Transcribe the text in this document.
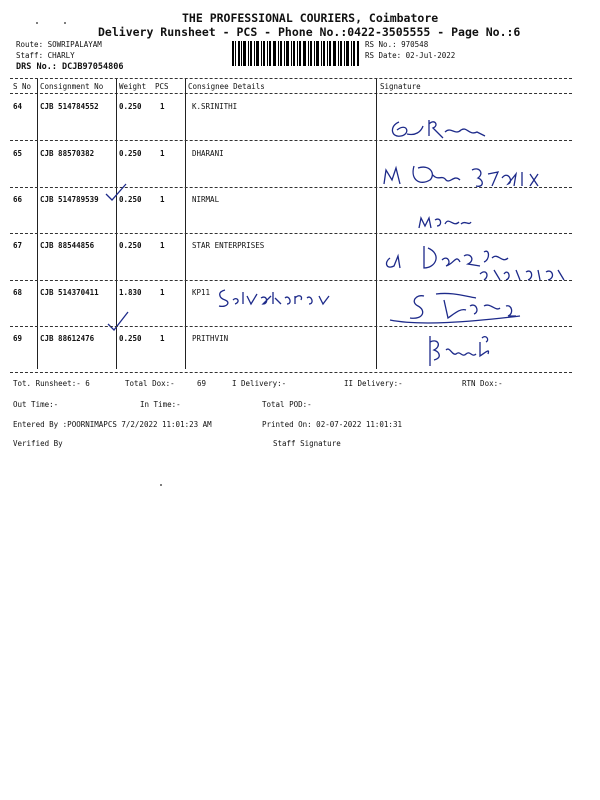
THE PROFESSIONAL COURIERS, Coimbatore
Delivery Runsheet - PCS - Phone No.:0422-3505555 - Page No.:6
Route: SOWRIPALAYAM
Staff: CHARLY
DRS No.: DCJB97054806
RS No.: 970548
RS Date: 02-Jul-2022
S No Consignment No Weight PCS	Consignee Details	Signature
64 CJB 514784552	0.250 1	K.SRINITHI
65 CJB 88570382	0.250 1	DHARANI
66 CJB 514789539	0.250 1	NIRMAL
67 CJB 88544856	0.250 1	STAR ENTERPRISES
68 CJB 514370411	1.830 1	KP11
69 CJB 88612476	0.250 1	PRITHVIN
Tot. Runsheet:- 6	Total Dox:-	69	I Delivery:-	II Delivery:-	RTN Dox:-
Out Time:-	In Time:-	Total POD:-
Entered By :POORNIMAPCS 7/2/2022 11:01:23 AM	Printed On: 02-07-2022 11:01:31
Verified By	Staff Signature
